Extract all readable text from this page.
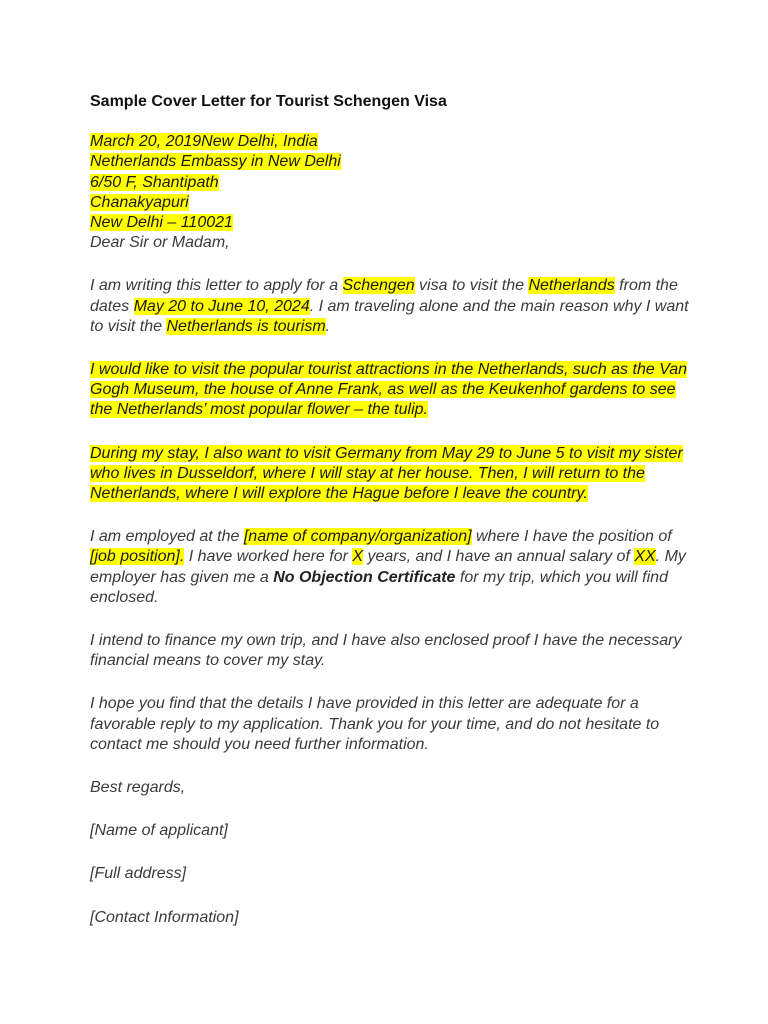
Sample Cover Letter for Tourist Schengen Visa
March 20, 2019New Delhi, India
Netherlands Embassy in New Delhi
6/50 F, Shantipath
Chanakyapuri
New Delhi – 110021
Dear Sir or Madam,

I am writing this letter to apply for a Schengen visa to visit the Netherlands from the dates May 20 to June 10, 2024. I am traveling alone and the main reason why I want to visit the Netherlands is tourism.

I would like to visit the popular tourist attractions in the Netherlands, such as the Van Gogh Museum, the house of Anne Frank, as well as the Keukenhof gardens to see the Netherlands’ most popular flower – the tulip.

During my stay, I also want to visit Germany from May 29 to June 5 to visit my sister who lives in Dusseldorf, where I will stay at her house. Then, I will return to the Netherlands, where I will explore the Hague before I leave the country.

I am employed at the [name of company/organization] where I have the position of [job position]. I have worked here for X years, and I have an annual salary of XX. My employer has given me a No Objection Certificate for my trip, which you will find enclosed.

I intend to finance my own trip, and I have also enclosed proof I have the necessary financial means to cover my stay.

I hope you find that the details I have provided in this letter are adequate for a favorable reply to my application. Thank you for your time, and do not hesitate to contact me should you need further information.

Best regards,

[Name of applicant]

[Full address]

[Contact Information]
